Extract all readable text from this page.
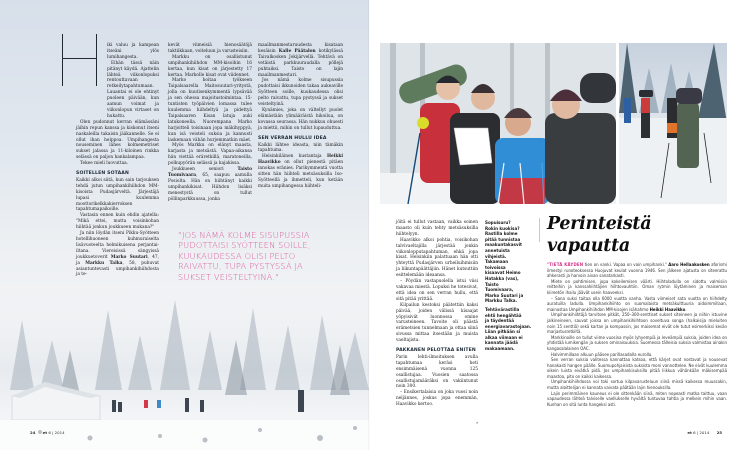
iki valuu ja kampean itseäni ylös lumihangesta.

Eihän tässä näin pitänyt käydä. Ajattelin lähteä viikonlopuksi rentouttavaan retkeilytapahtumaan. Lauantai ei ole ehtinyt puoleen päivään, kun aamun voimat ja viikonlopun virtaset on hukattu.

Olen pudonnut kerran elämässäni jäihin repun kanssa ja kiskonut itseni naskaleilla takaisin jääkannelle. Se ei ollut ihan helppoa. Umpihangesta nouseminen lähes kolmemetriset sukset jalassa ja 11-kiloinen rinkka selässä on paljon hankalampaa.

Tekee mieli luovuttaa.

SOITELLEN SOTAAN

Kaikki alkoi siitä, kun sain tarjouksen tehdä jutun umpihankihiihdon MM-kisoista Pudasjärveltä. Järjestäjä lupasi kuulemma moottorikelkkakierroksen tapahtumapaikoille.

Vastasin ennen kuin ehdin ajatella: "Mikä ettei, mutta voisinkohan hiihtää jonkun joukkueen mukana?"

Ja niin löydän itseni Pikku-Syötteen hotellihuoneen kuhmuraiselta lisävuoteelta helmikuisena perjantai-iltana. Viereisissä sängyissä joukkuetoverit Marko Suutari, 47, ja Markku Talka, 58, puhuvat asiantuntevasti umpihankihiihdosta ja te-

kevät viimeisiä hienosäätöjä taktiikkaan, voiteluun ja varusteisiin.

Markku on osallistunut umpihankihiihdon MM-kisoihin 16 kertaa, kun kisat on järjestetty 17 kertaa. Markolle kisat ovat viidennet.

Marko hoitaa työkseen Taipalsaarella Maitosuutari-yritystä, jolla on kuutisenkymmentä lypsävää ja sen ohessa majoitustoimintaa. 15-tuntisten työpäivien lomassa tulee kuulemma hiihdeltyä ja pidettyä Taipalsaaren Kisan latuja auki latukoneella. Nuorempana Marko harjoitteli toisinaan jopa mäkihyppyä, kun isä veisteli suksia ja kannusti laskemaan vähän hurjemmatkin mäet.

Myös Markku on elänyt maasta, karjasta ja metsästä. Vapaa-aikansa hän viettää eräretkillä, maratoneilla, polkupyörän selässä ja kajakissa.

Joukkueen seniori	Taisto Tuomivaara, 65, saapuu aamulla Posiolta. Hän on hiihtänyt kaikki umpihankikisat. Hiihdon lisäksi menestystä on tullut pöllinparkkuussa, jonka

maailmanmestaruudesta kisataan kesäisin Kalle Päätalon kotikylässä Taivalkosken Jokijärvellä. Tehtävä on vetäistä parkkuuraudalla pöllejä puhtaiksi. Taisto on lajin maailmanmestari.

Jos nämä kolme sisupussia pudottaisi ikkunoiden takaa aukeaville Syötteen soille, kuukaudessa olisi pelto raivattu, tupa pystyssä ja sukset veisteltyinä.

Kynämies, joka on vältellyt puolet elämästään ylimääräistä hikoilua, on kovassa seurassa. Hän nukkuu ohuesti ja miettii, mihin on tullut lupauduttua.

SEN VERRAN HULLU IDEA

Kaikki lähtee ideasta, niin tämäkin tapahtuma.

Helsinkiläinen kustantaja Heikki Haavikko on ollut pienestä pitäen innokas eränies. Parikymmentä vuotta sitten hän hiihteli metsäsuksilla Iso-Syötteellä ja ihmetteli, kun ketään muita umpihangessa hiihteli-

"JOS NÄMÄ KOLME SISUPUSSIA PUDOTTAISI SYÖTTEEN SOILLE, KUUKAUDESSA OLISI PELTO RAIVATTU, TUPA PYSTYSSÄ JA SUKSET VEISTELTYINÄ."
24 et 6 | 2014

jöitä ei tullut vastaan, vaikka soinen maasto oli kuin tehty metsäsuksilla hiihtelyyn.

Haavikko alkoi pohtia, voisikohan talvivaeltajilla järjestää jonkin viikonlopputapahtuman, ehkä jopa kisat. Helsinkiin palattuaan hän otti yhteyttä Pudasjärven urheiluihmisiin ja liikuntapäättäjiin. Hänet kutsuttiin esittelemään ideaansa.

– Pöydän vastapuolella istui viisi vakavaa miestä. Lopuksi he totesivat, että idea on sen verran hullu, että sitä pitää yrittää.

Kilpailun kestoksi päätettiin kaksi päivää, joiden välissä kisaajat yöpyisivät luonnossa omine varusteineen. Tavoite oli päästä erämetsien tunnelmaan ja ottaa siinä sivussa mittaa itsestään ja muista vaeltajista.

PAKKANEN PELOTTAA ENITEN

Parin lehti-ilmoituksen avulla tapahtumaa keräsi heti ensimmäisenä vuonna 125 osallistujaa. Vuosien saatossa osallistujamääräksi on vakiintunut noin 300.

– Ensikertalaisia on joka vuosi noin neljännes, joskus jopa enemmän, Haavikko kertoo.

»

Sopuisuru? Rokin kuokisa? Rastilla kolme pitää tunnistaa maakuntakasvit annetuista vihjeistä. Takamaan toivoissa kisaavat Heimo Hatakka (vas), Taisto Tuomivaara, Marko Suutari ja Markku Talka.

Tehtävärastilla ehtii hengähtää ja täydentää energiavarastojaan. Liian pitkään si alkaa viimaan ei kannata jäädä makaamaan.

Perinteistä vapautta

"TIETÄ KÄYDEN tien on vanki. Vapaa on vain umpihanki." Aaro Hellaakosken aforismi ilmestyi runoteoksessa Huojuvat keulat vuonna 1946. Sen jälkeen ajatusta on siteerattu ahkerasti ja harvoin aivan sanatarkasti.

Miete on pohtimisen, jopa kokeilemisen väärti. Hiihtoladulla on sidottu valmisiin reitteihin ja kanssahiihtäjien hiihtovauhtiin. Oman rytmin löytäminen ja maiseman kiireetön ihailu jäävät usein haaveeksi.

– Sana suksi taitaa olla 6000 vuotta vanha. Vasta viimeiset sata vuotta on hiihdelty auratuilla ladulla. Umpihankihiihto on suomalaista metsäkulttuuria aidoimmillaan, mainostaa Umpihankihiihdon MM-kisojen isähahmo Heikki Haavikko.

Umpihankihiihtäjä tarvitsee pitkät, 250–300-senttiset sukset siteineen ja niihin istuvine jalkineineen, sauvat joissa on umpihankihiihtoon soveltuva songa (halkaisija mieluiten noin 15 senttiä) sekä kartan ja kompassin, jos maisemat eivät ole tutut esimerkiksi kesän marjastusretkiltä.

Markkinoille on tullut viime vuosina myös lyhyempiä ja leveämpiä suksia, joiden idea on yhdistää lumikengän ja suksen ominaisuuksia. Suomessa tälleisia suksia valmistaa ainakin kangasalalainen OAC.

Halvimmillaan alkuun pääsee parillasadalla eurolla.

Sen verran suksia valitessa kannattaa katsoa, että kärjet ovat nostavat ja nousevat hanakasti hangen päälle. Suomupohjaisista suksista moni vannottelee. Ne eivät kuulemma oikein luista eivätkä pidä. Jos umpihankisuksilla pitää liikkua vähänkään mäkisempää maastoa, pito on kaikki kaikessa.

Umpihankihiihdossa voi toki sortua kilpavarusteluun siinä missä kaikessa muussakin, mutta aloittelijan ei kannata vaivata päätään lajin hienouksilla.

Lajin perimmäinen kauneus ei ole sittenkään siinä, miten nopeasti matka taittuu, vaan vapaudessa lähteä talviselle vaellukselle hyvältä tuntuvaa tahtia ja melkein mihin vaan. Kunhan on sitä lunta hangeksi asti.

et 6 | 2014 25
